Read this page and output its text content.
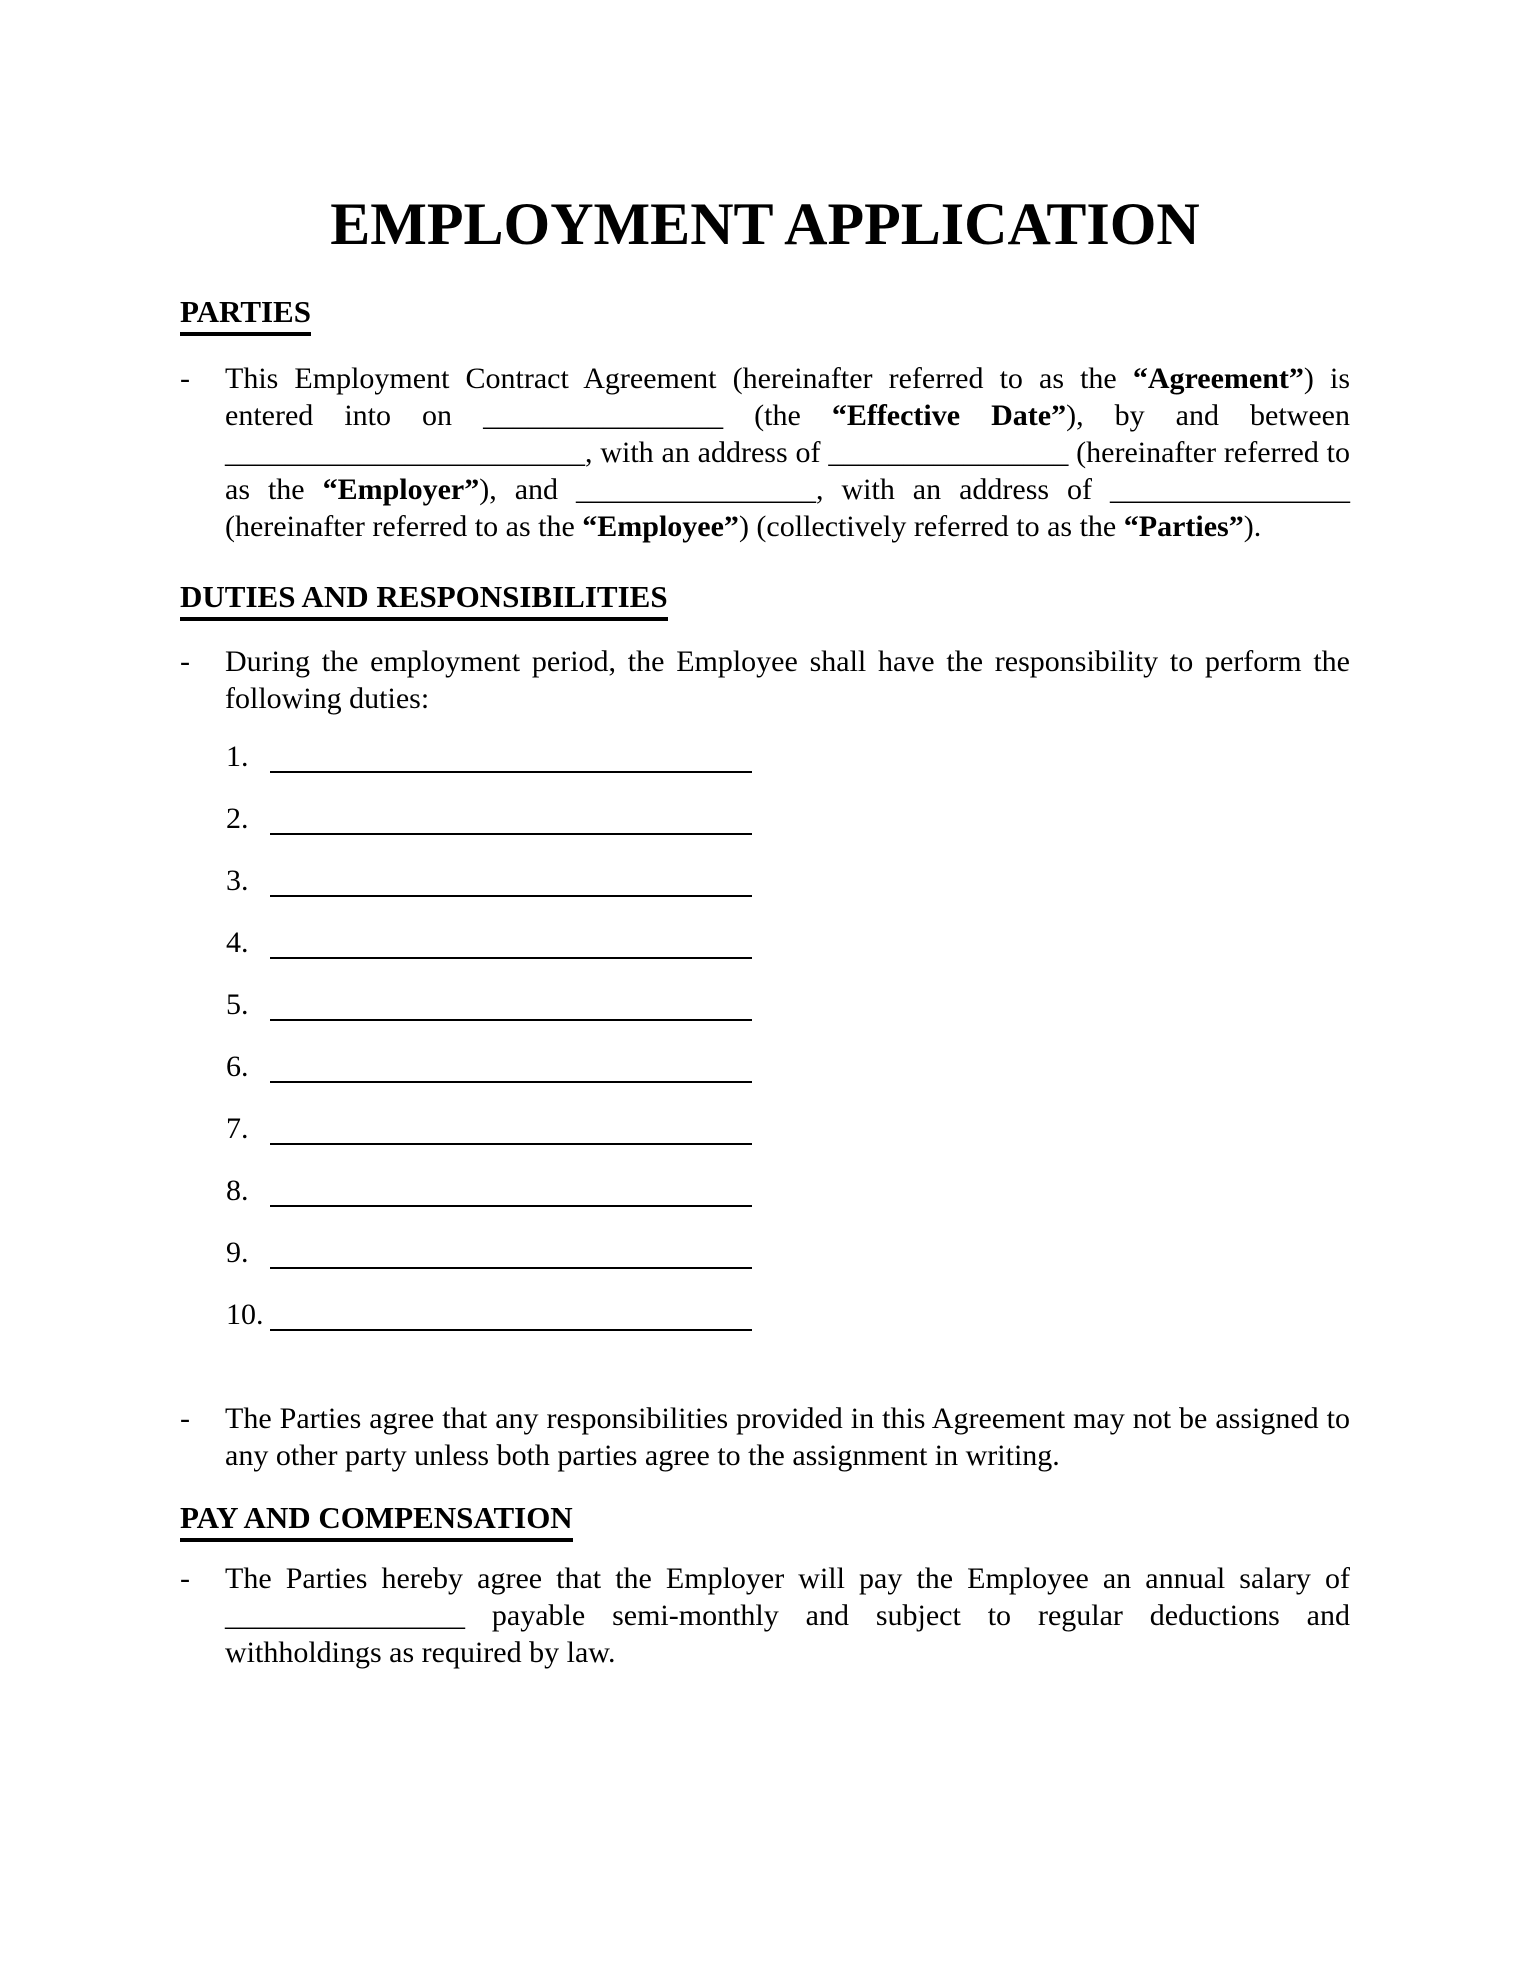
EMPLOYMENT APPLICATION
PARTIES
-	This Employment Contract Agreement (hereinafter referred to as the “Agreement”) is entered into on ________________ (the “Effective Date”), by and between ________________________, with an address of ________________ (hereinafter referred to as the “Employer”), and ________________, with an address of ________________ (hereinafter referred to as the “Employee”) (collectively referred to as the “Parties”).

DUTIES AND RESPONSIBILITIES
-	During the employment period, the Employee shall have the responsibility to perform the following duties:

1.
2.
3.
4.
5.
6.
7.
8.
9.
10.
-	The Parties agree that any responsibilities provided in this Agreement may not be assigned to any other party unless both parties agree to the assignment in writing.

PAY AND COMPENSATION
-	The Parties hereby agree that the Employer will pay the Employee an annual salary of ________________ payable semi-monthly and subject to regular deductions and withholdings as required by law.
